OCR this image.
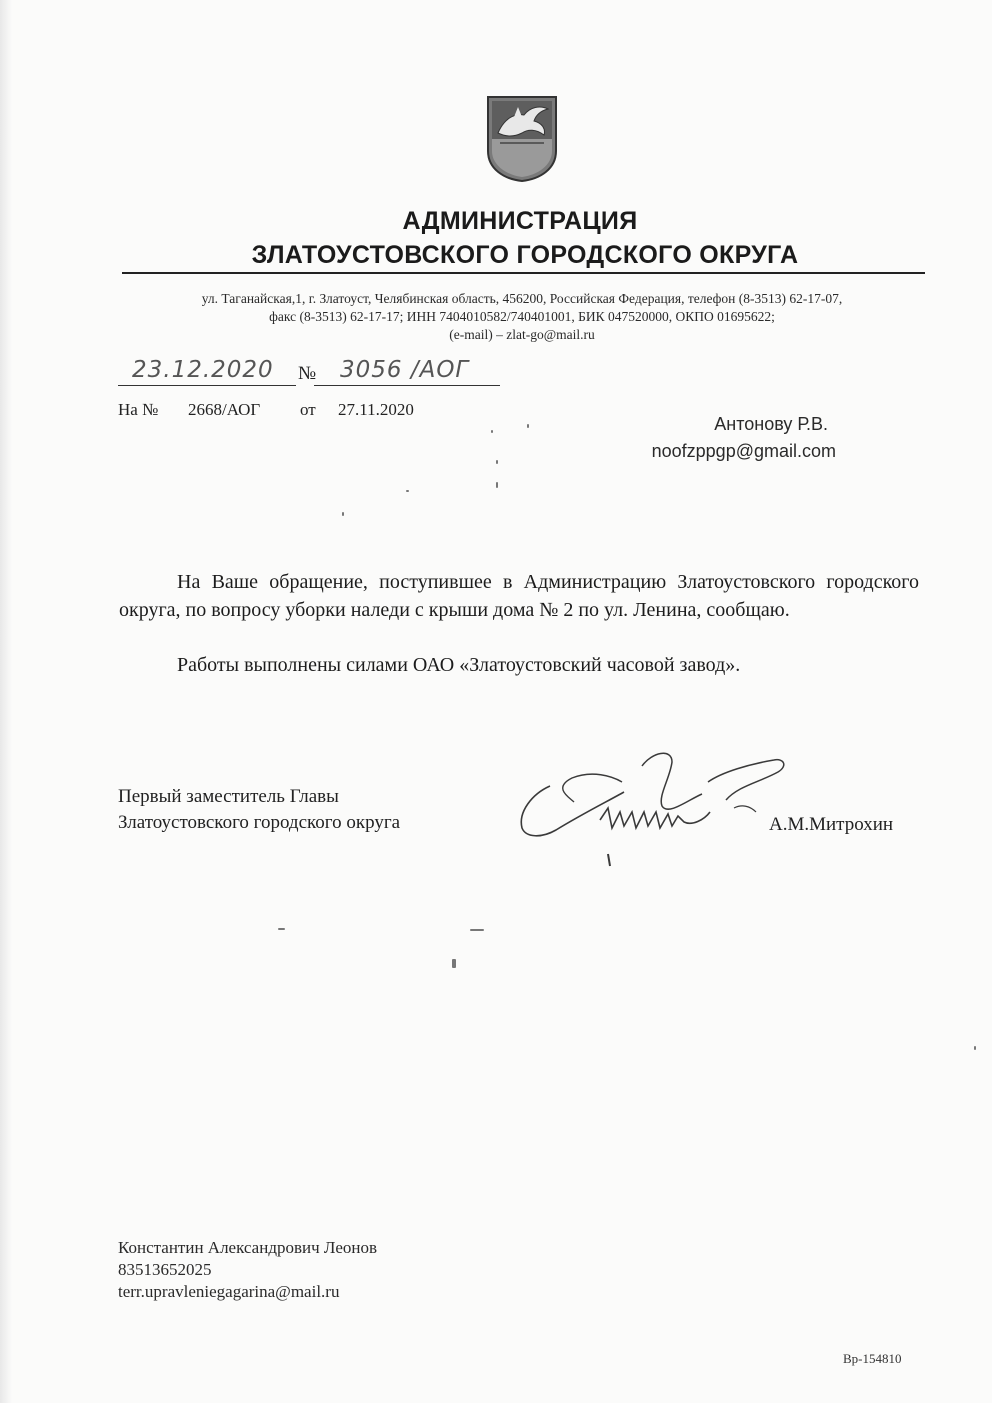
АДМИНИСТРАЦИЯ
ЗЛАТОУСТОВСКОГО ГОРОДСКОГО ОКРУГА
ул. Таганайская,1, г. Златоуст, Челябинская область, 456200, Российская Федерация, телефон (8-3513) 62-17-07,
факс (8-3513) 62-17-17; ИНН 7404010582/740401001, БИК 047520000, ОКПО 01695622;
(e-mail) – zlat-go@mail.ru
23.12.2020 № 3056 /АОГ
На № 2668/АОГ от 27.11.2020
Антонову Р.В.
noofzppgp@gmail.com
На Ваше обращение, поступившее в Администрацию Златоустовского городского округа, по вопросу уборки наледи с крыши дома № 2 по ул. Ленина, сообщаю.
Работы выполнены силами ОАО «Златоустовский часовой завод».
Первый заместитель Главы
Златоустовского городского округа	А.М.Митрохин
Константин Александрович Леонов
83513652025
terr.upravleniegagarina@mail.ru
Вр-154810
